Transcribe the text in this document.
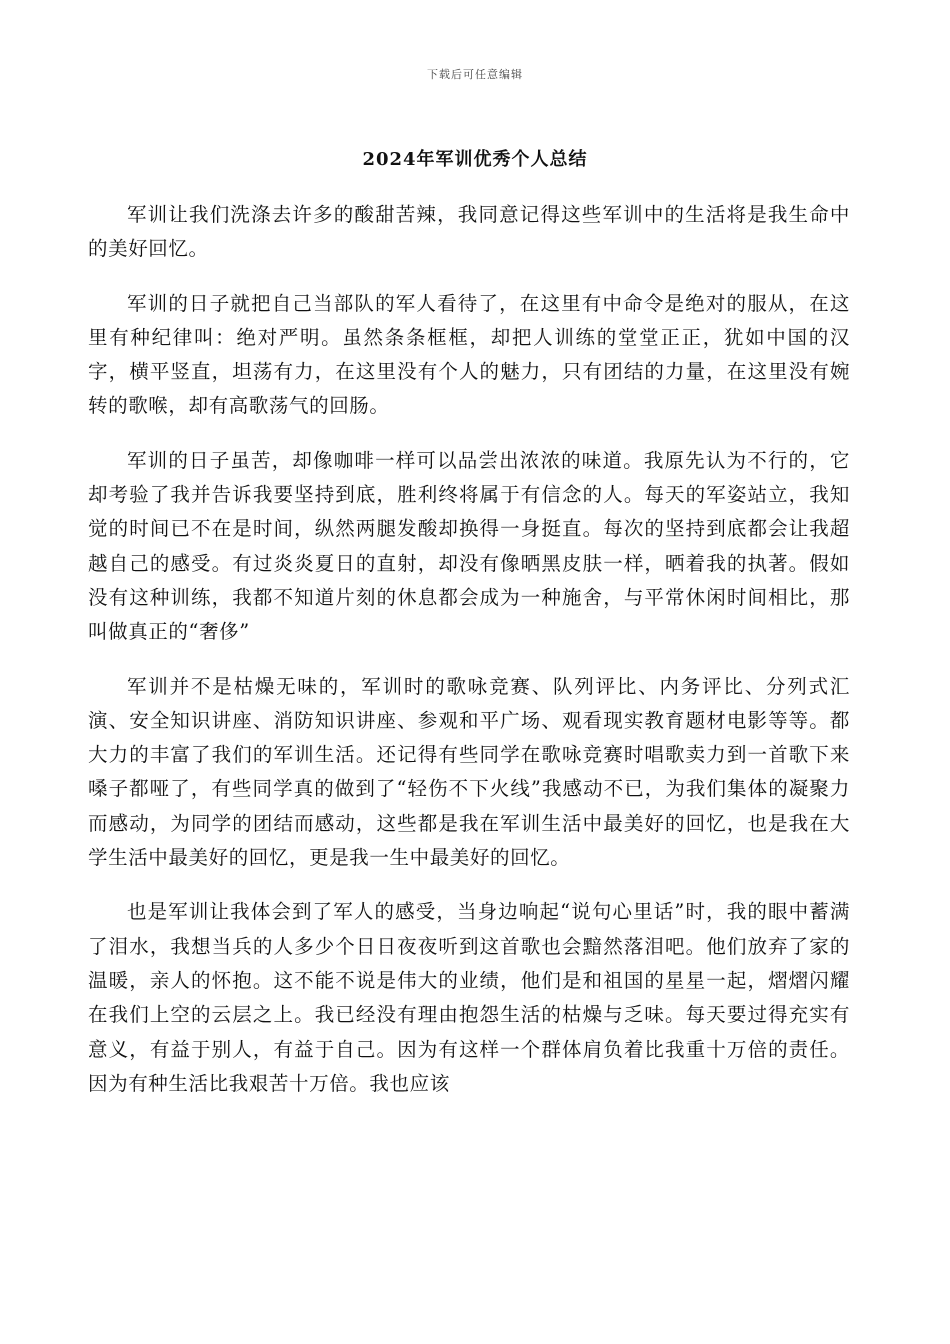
下载后可任意编辑
2024年军训优秀个人总结

军训让我们洗涤去许多的酸甜苦辣，我同意记得这些军训中的生活将是我生命中的美好回忆。

军训的日子就把自己当部队的军人看待了，在这里有中命令是绝对的服从，在这里有种纪律叫：绝对严明。虽然条条框框，却把人训练的堂堂正正，犹如中国的汉字，横平竖直，坦荡有力，在这里没有个人的魅力，只有团结的力量，在这里没有婉转的歌喉，却有高歌荡气的回肠。

军训的日子虽苦，却像咖啡一样可以品尝出浓浓的味道。我原先认为不行的，它却考验了我并告诉我要坚持到底，胜利终将属于有信念的人。每天的军姿站立，我知觉的时间已不在是时间，纵然两腿发酸却换得一身挺直。每次的坚持到底都会让我超越自己的感受。有过炎炎夏日的直射，却没有像晒黑皮肤一样，晒着我的执著。假如没有这种训练，我都不知道片刻的休息都会成为一种施舍，与平常休闲时间相比，那叫做真正的“奢侈”

军训并不是枯燥无味的，军训时的歌咏竞赛、队列评比、内务评比、分列式汇演、安全知识讲座、消防知识讲座、参观和平广场、观看现实教育题材电影等等。都大力的丰富了我们的军训生活。还记得有些同学在歌咏竞赛时唱歌卖力到一首歌下来嗓子都哑了，有些同学真的做到了“轻伤不下火线”我感动不已，为我们集体的凝聚力而感动，为同学的团结而感动，这些都是我在军训生活中最美好的回忆，也是我在大学生活中最美好的回忆，更是我一生中最美好的回忆。

也是军训让我体会到了军人的感受，当身边响起“说句心里话”时，我的眼中蓄满了泪水，我想当兵的人多少个日日夜夜听到这首歌也会黯然落泪吧。他们放弃了家的温暖，亲人的怀抱。这不能不说是伟大的业绩，他们是和祖国的星星一起，熠熠闪耀在我们上空的云层之上。我已经没有理由抱怨生活的枯燥与乏味。每天要过得充实有意义，有益于别人，有益于自己。因为有这样一个群体肩负着比我重十万倍的责任。因为有种生活比我艰苦十万倍。我也应该
